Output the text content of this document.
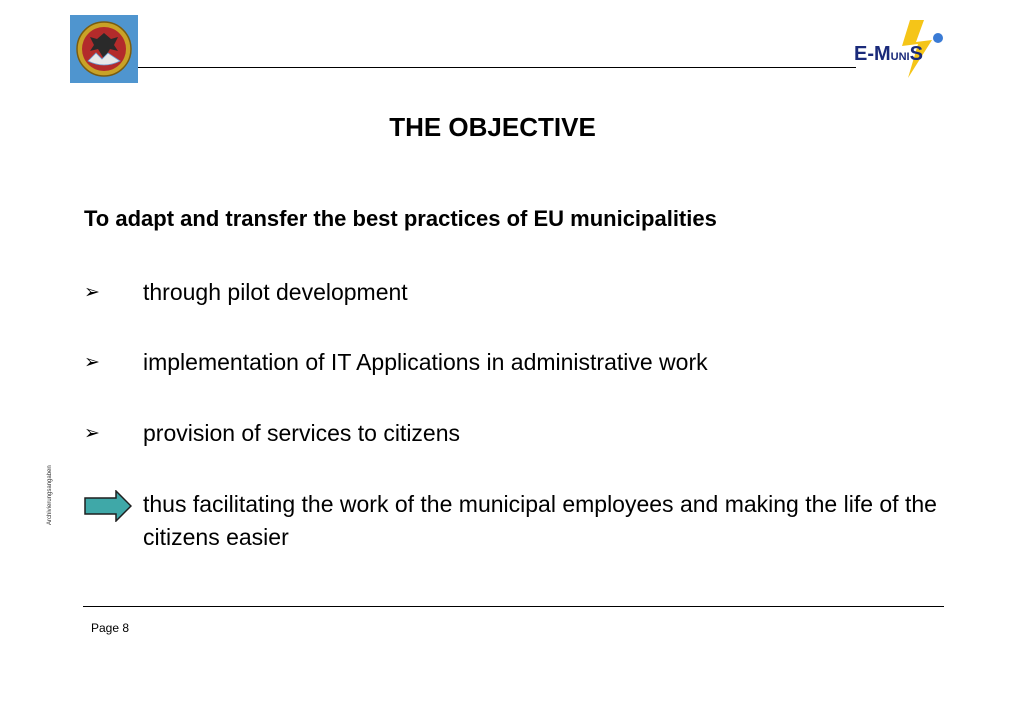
E-MUNIS
THE OBJECTIVE
To adapt and transfer the best practices of EU municipalities
➢ through pilot development
➢ implementation of IT Applications in administrative work
➢ provision of services to citizens
thus facilitating the work of the municipal employees and making the life of the citizens easier
Archivierungsangaben
Page 8
